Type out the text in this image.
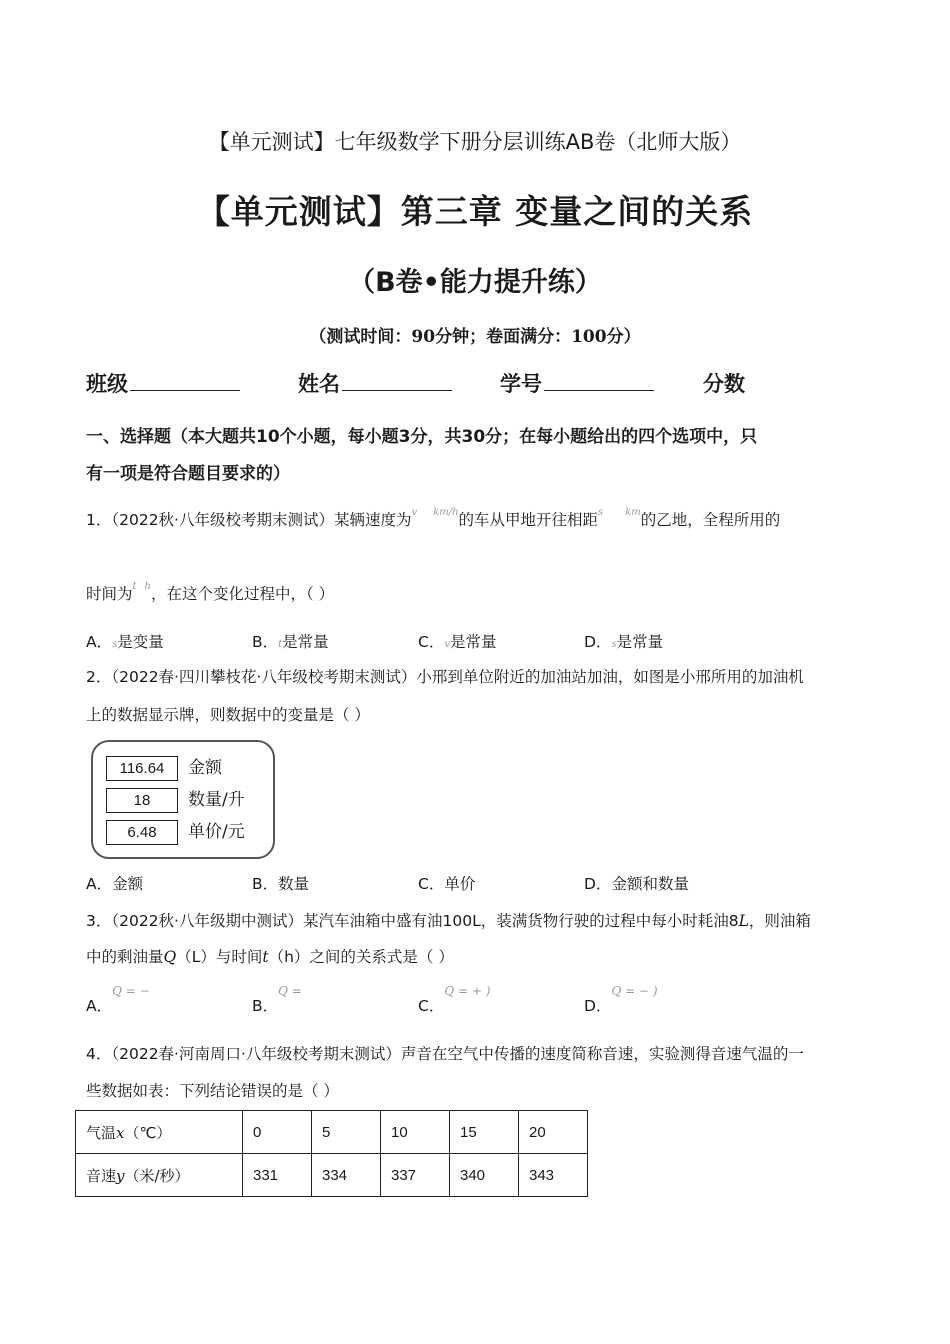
【单元测试】七年级数学下册分层训练AB卷（北师大版）
【单元测试】第三章 变量之间的关系
（B卷•能力提升练）
（测试时间：90分钟；卷面满分：100分）
班级	姓名	学号	分数
一、选择题（本大题共10个小题，每小题3分，共30分；在每小题给出的四个选项中，只
有一项是符合题目要求的）
1．（2022秋·八年级校考期末测试）某辆速度为$^v$ $^{km/h}$的车从甲地开往相距$^s$ $^{km}$的乙地，全程所用的
时间为$^t$ $^h$，在这个变化过程中，（ ）
A．s是变量	B．t是常量	C．v是常量	D．s是常量
2．（2022春·四川攀枝花·八年级校考期末测试）小邢到单位附近的加油站加油，如图是小邢所用的加油机
上的数据显示牌，则数据中的变量是（ ）
116.64	金额
18	数量/升
6.48	单价/元
A．金额	B．数量	C．单价	D．金额和数量
3．（2022秋·八年级期中测试）某汽车油箱中盛有油100L，装满货物行驶的过程中每小时耗油8L，则油箱
中的剩油量Q（L）与时间t（h）之间的关系式是（ ）
A．$^{Q = -}$
B．$^{Q =}$
C．$^{Q = + )}$
D．$^{Q = - )}$
4．（2022春·河南周口·八年级校考期末测试）声音在空气中传播的速度简称音速，实验测得音速气温的一
些数据如表：下列结论错误的是（ ）
气温x（℃）	0	5	10	15	20
音速y（米/秒）	331	334	337	340	343
